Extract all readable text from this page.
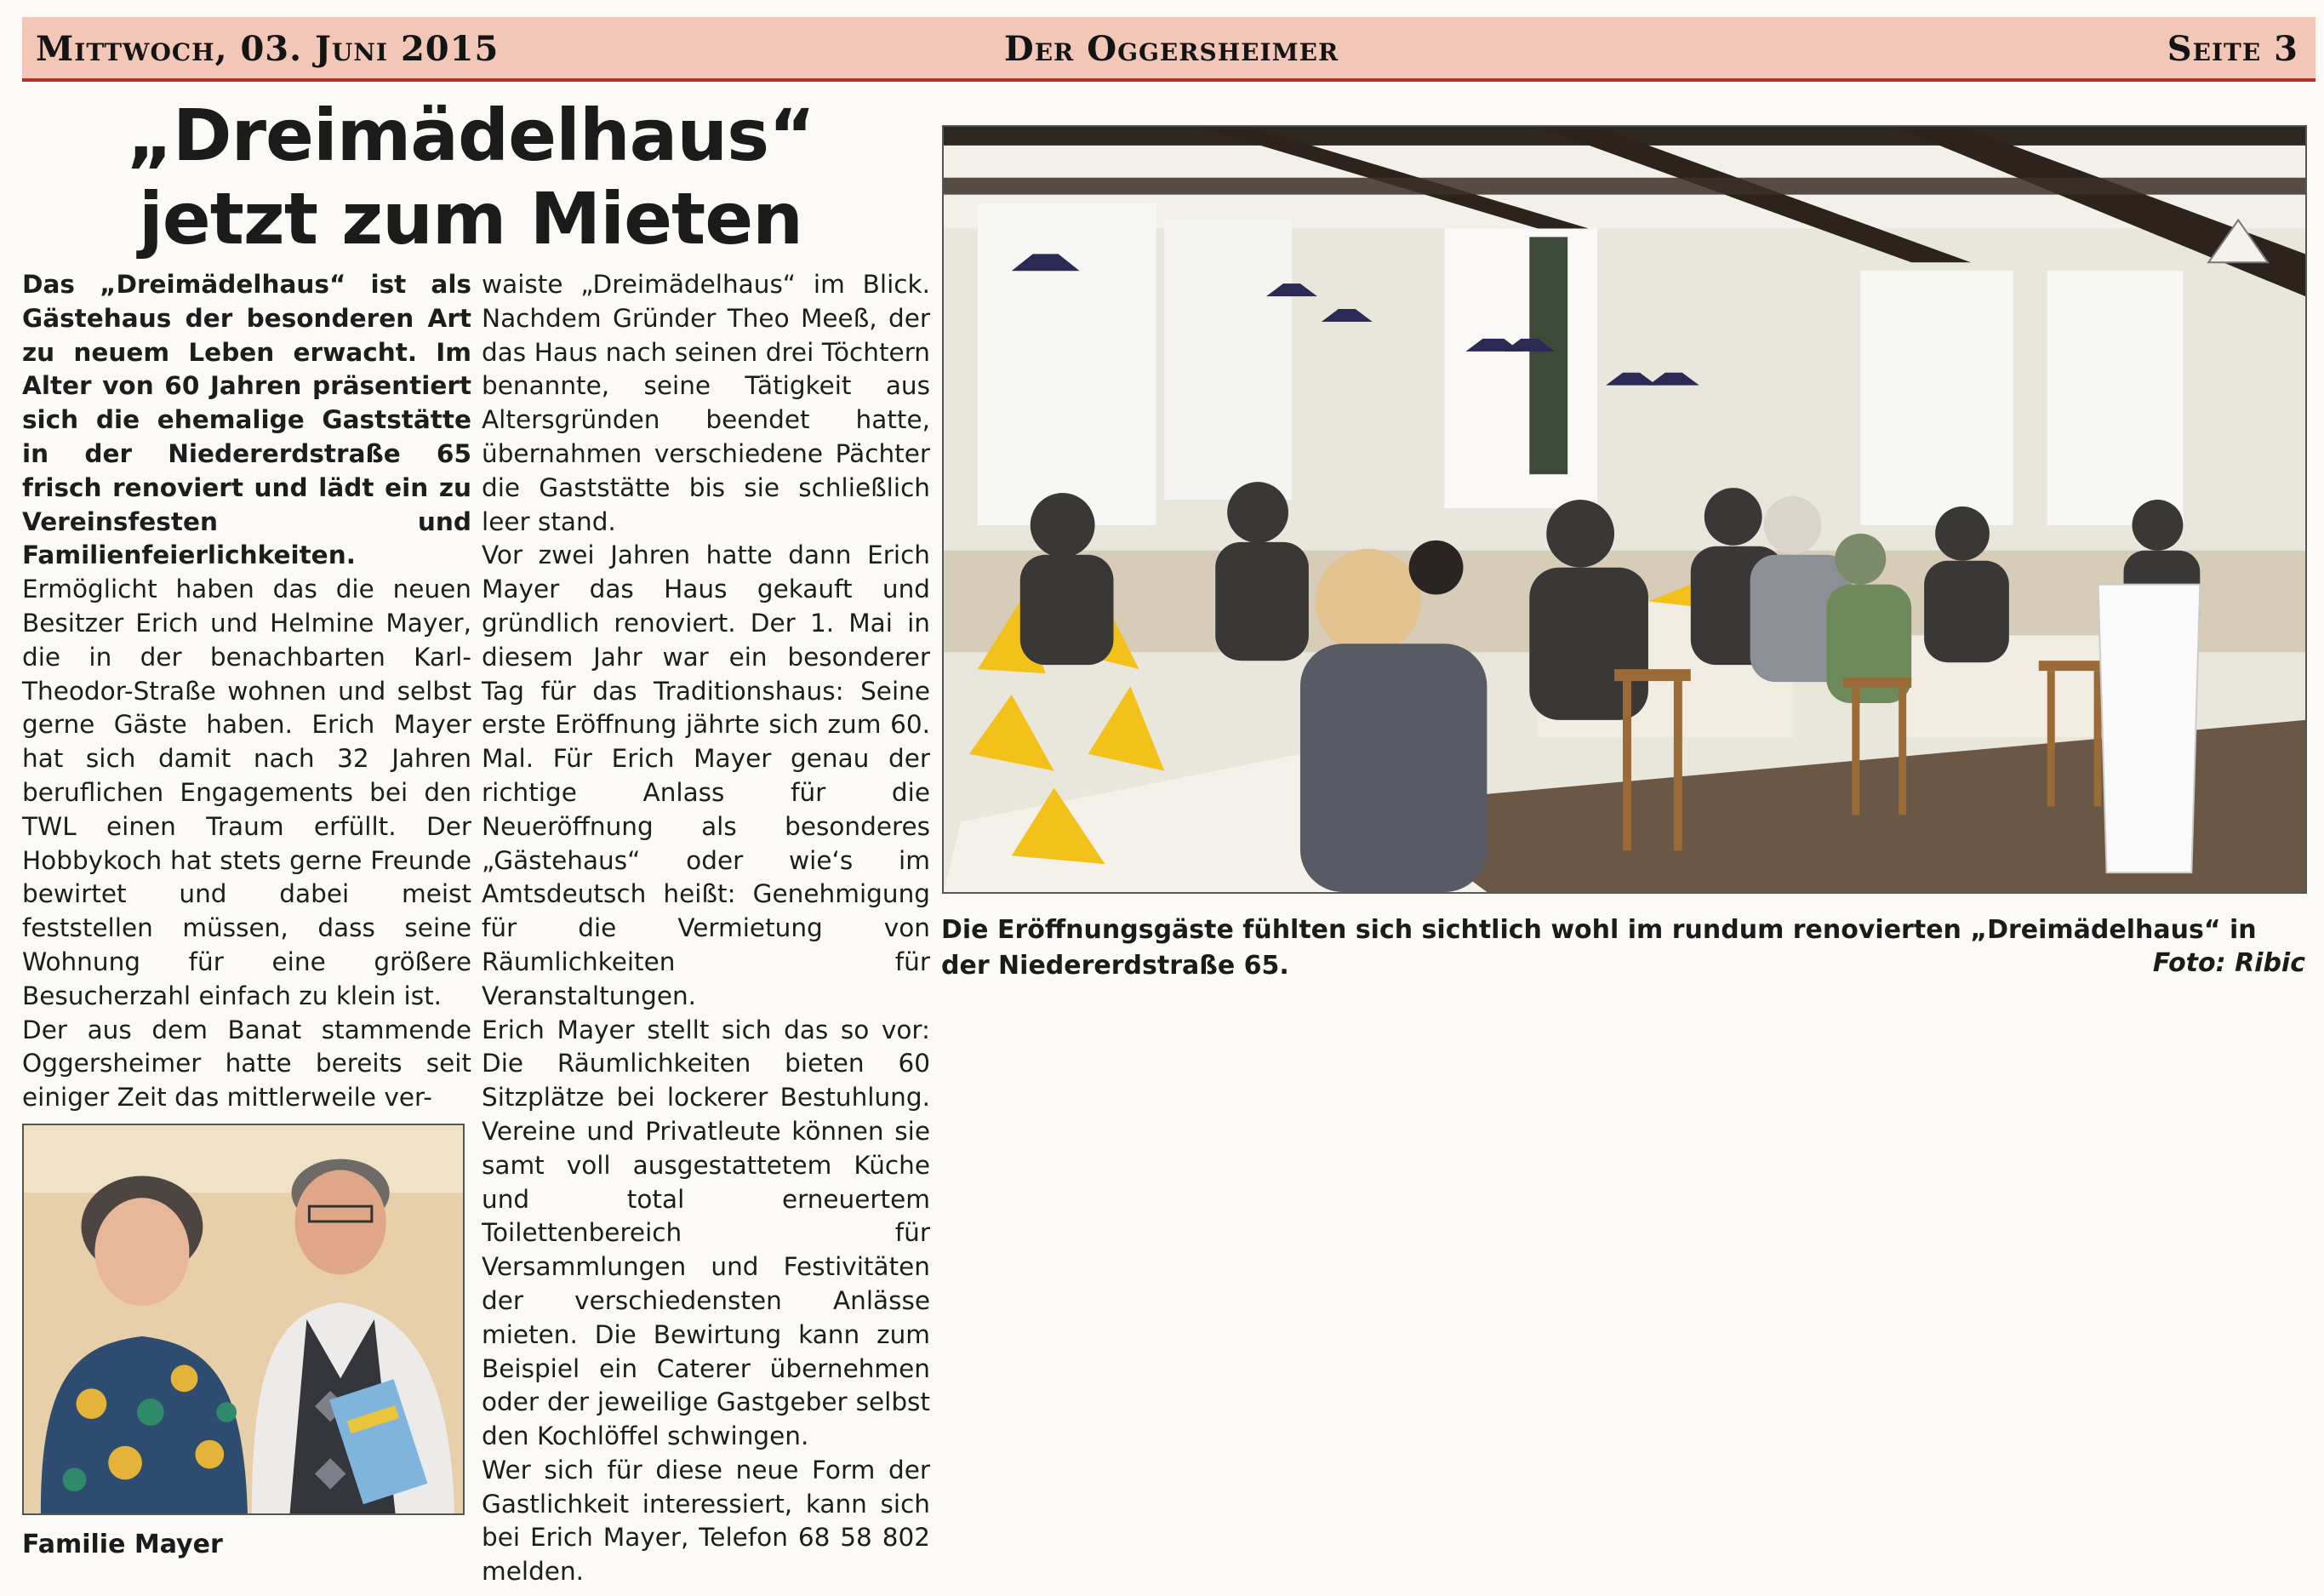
Mittwoch, 03. Juni 2015	Der Oggersheimer	Seite 3
„Dreimädelhaus“
jetzt zum Mieten

Das „Dreimädelhaus“ ist als Gästehaus der besonderen Art zu neuem Leben erwacht. Im Alter von 60 Jahren präsentiert sich die ehemalige Gaststätte in der Niedererdstraße 65 frisch renoviert und lädt ein zu Vereinsfesten und Familienfeierlichkeiten.

Ermöglicht haben das die neuen Besitzer Erich und Helmine Mayer, die in der benachbarten Karl-Theodor-Straße wohnen und selbst gerne Gäste haben. Erich Mayer hat sich damit nach 32 Jahren beruflichen Engagements bei den TWL einen Traum erfüllt. Der Hobbykoch hat stets gerne Freunde bewirtet und dabei meist feststellen müssen, dass seine Wohnung für eine größere Besucherzahl einfach zu klein ist.

Der aus dem Banat stammende Oggersheimer hatte bereits seit einiger Zeit das mittlerweile ver-

waiste „Dreimädelhaus“ im Blick. Nachdem Gründer Theo Meeß, der das Haus nach seinen drei Töchtern benannte, seine Tätigkeit aus Altersgründen beendet hatte, übernahmen verschiedene Pächter die Gaststätte bis sie schließlich leer stand.

Vor zwei Jahren hatte dann Erich Mayer das Haus gekauft und gründlich renoviert. Der 1. Mai in diesem Jahr war ein besonderer Tag für das Traditionshaus: Seine erste Eröffnung jährte sich zum 60. Mal. Für Erich Mayer genau der richtige Anlass für die Neueröffnung als besonderes „Gästehaus“ oder wie‘s im Amtsdeutsch heißt: Genehmigung für die Vermietung von Räumlichkeiten für Veranstaltungen.

Erich Mayer stellt sich das so vor: Die Räumlichkeiten bieten 60 Sitzplätze bei lockerer Bestuhlung. Vereine und Privatleute können sie samt voll ausgestattetem Küche und total erneuertem Toilettenbereich für Versammlungen und Festivitäten der verschiedensten Anlässe mieten. Die Bewirtung kann zum Beispiel ein Caterer übernehmen oder der jeweilige Gastgeber selbst den Kochlöffel schwingen.

Wer sich für diese neue Form der Gastlichkeit interessiert, kann sich bei Erich Mayer, Telefon 68 58 802 melden.

Die Eröffnungsgäste fühlten sich sichtlich wohl im rundum renovierten „Dreimädelhaus“ in der Niedererdstraße 65.	Foto: Ribic
Familie Mayer
